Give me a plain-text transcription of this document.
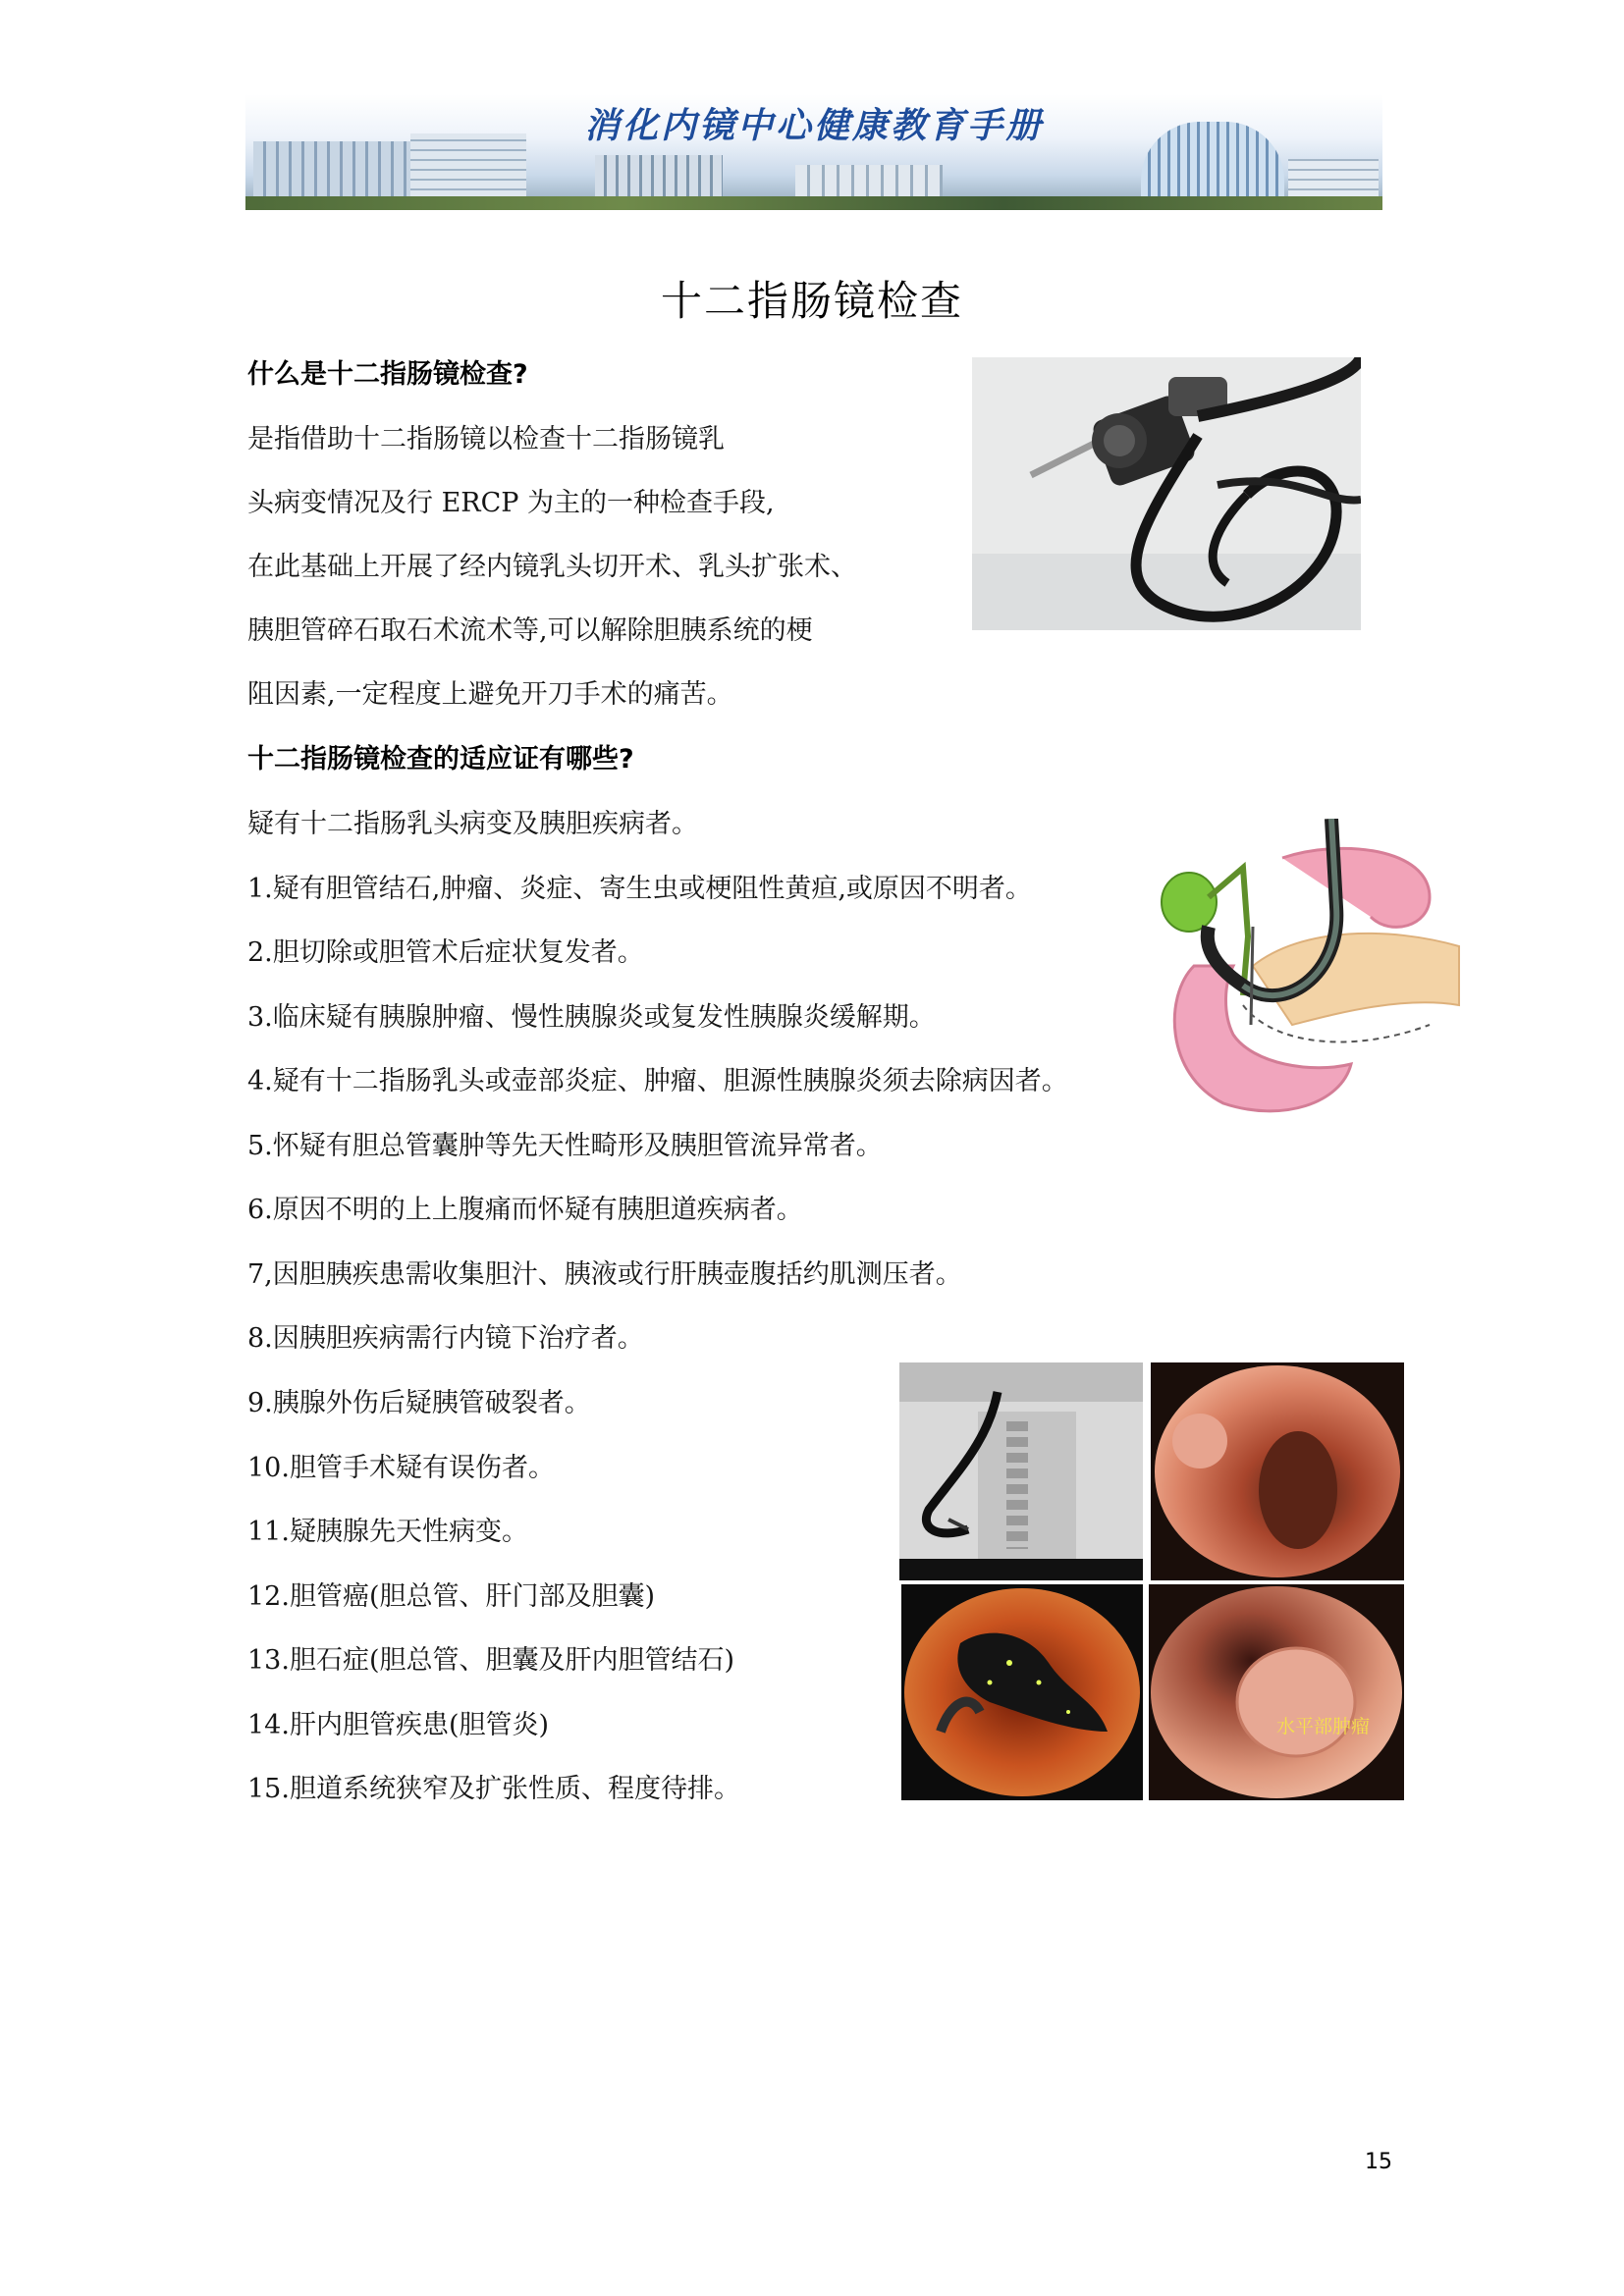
消化内镜中心健康教育手册
十二指肠镜检查
什么是十二指肠镜检查?
是指借助十二指肠镜以检查十二指肠镜乳
头病变情况及行 ERCP 为主的一种检查手段,
在此基础上开展了经内镜乳头切开术、乳头扩张术、
胰胆管碎石取石术流术等,可以解除胆胰系统的梗
阻因素,一定程度上避免开刀手术的痛苦。
十二指肠镜检查的适应证有哪些?
疑有十二指肠乳头病变及胰胆疾病者。
1.疑有胆管结石,肿瘤、炎症、寄生虫或梗阻性黄疸,或原因不明者。
2.胆切除或胆管术后症状复发者。
3.临床疑有胰腺肿瘤、慢性胰腺炎或复发性胰腺炎缓解期。
4.疑有十二指肠乳头或壶部炎症、肿瘤、胆源性胰腺炎须去除病因者。
5.怀疑有胆总管囊肿等先天性畸形及胰胆管流异常者。
6.原因不明的上上腹痛而怀疑有胰胆道疾病者。
7,因胆胰疾患需收集胆汁、胰液或行肝胰壶腹括约肌测压者。
8.因胰胆疾病需行内镜下治疗者。
9.胰腺外伤后疑胰管破裂者。
10.胆管手术疑有误伤者。
11.疑胰腺先天性病变。
12.胆管癌(胆总管、肝门部及胆囊)
13.胆石症(胆总管、胆囊及肝内胆管结石)
14.肝内胆管疾患(胆管炎)
15.胆道系统狭窄及扩张性质、程度待排。
水平部肿瘤
15
